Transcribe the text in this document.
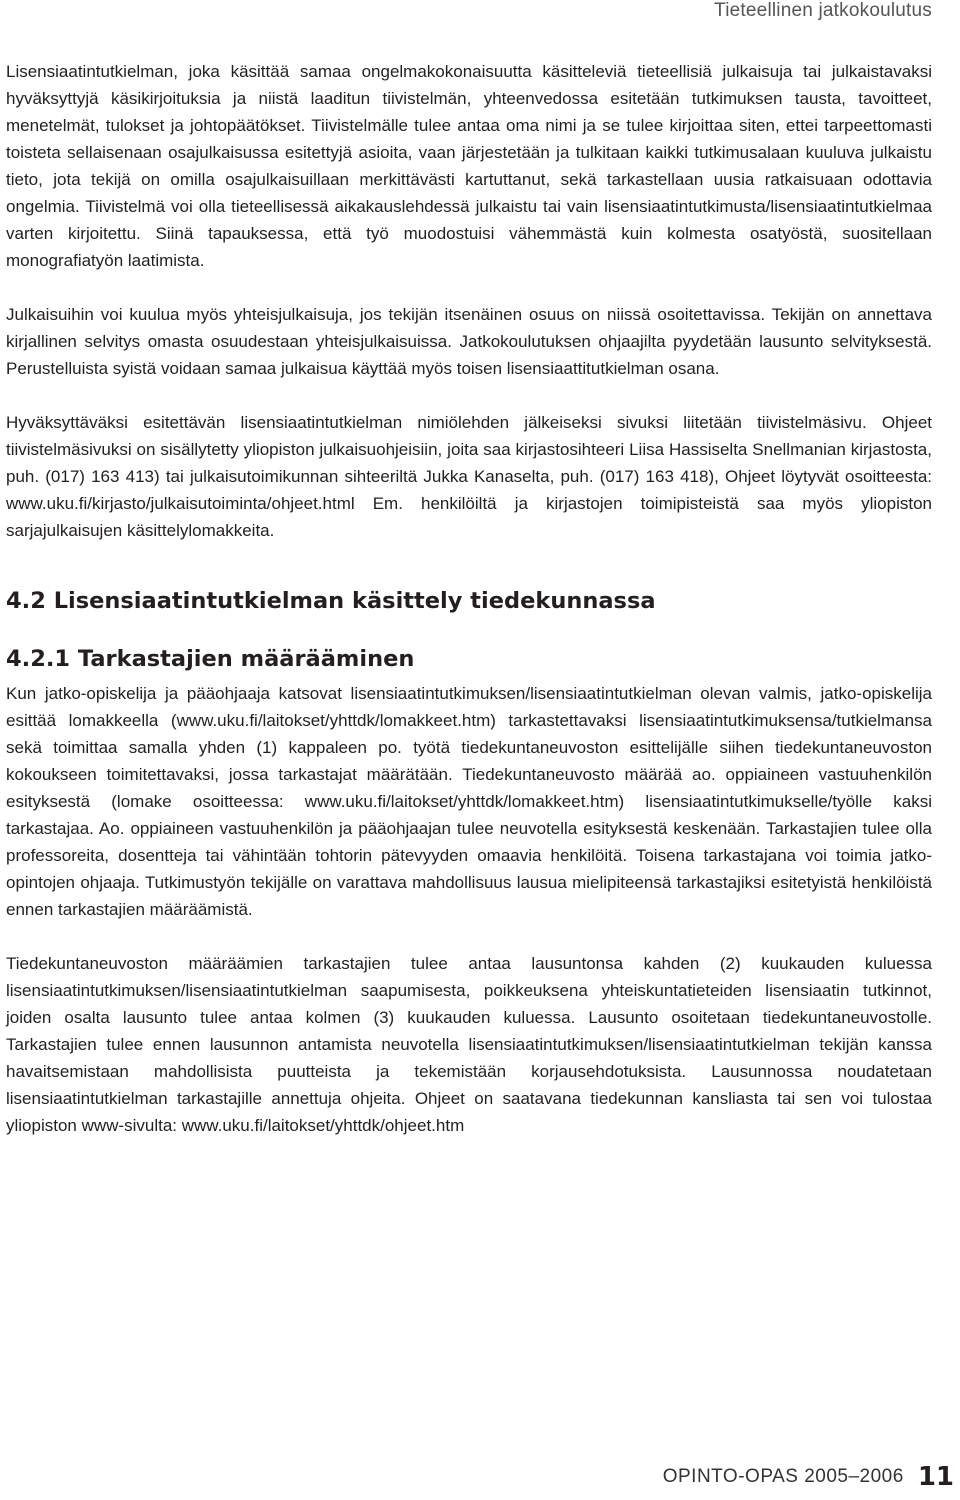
Tieteellinen jatkokoulutus

Lisensiaatintutkielman, joka käsittää samaa ongelmakokonaisuutta käsitteleviä tieteellisiä julkaisuja tai julkaistavaksi hyväksyttyjä käsikirjoituksia ja niistä laaditun tiivistelmän, yhteenvedossa esitetään tutkimuksen tausta, tavoitteet, menetelmät, tulokset ja johtopäätökset. Tiivistelmälle tulee antaa oma nimi ja se tulee kirjoittaa siten, ettei tarpeettomasti toisteta sellaisenaan osajulkaisussa esitettyjä asioita, vaan järjestetään ja tulkitaan kaikki tutkimusalaan kuuluva julkaistu tieto, jota tekijä on omilla osajulkaisuillaan merkittävästi kartuttanut, sekä tarkastellaan uusia ratkaisuaan odottavia ongelmia. Tiivistelmä voi olla tieteellisessä aikakauslehdessä julkaistu tai vain lisensiaatintutkimusta/lisensiaatintutkielmaa varten kirjoitettu. Siinä tapauksessa, että työ muodostuisi vähemmästä kuin kolmesta osatyöstä, suositellaan monografiatyön laatimista.

Julkaisuihin voi kuulua myös yhteisjulkaisuja, jos tekijän itsenäinen osuus on niissä osoitettavissa. Tekijän on annettava kirjallinen selvitys omasta osuudestaan yhteisjulkaisuissa. Jatkokoulutuksen ohjaajilta pyydetään lausunto selvityksestä. Perustelluista syistä voidaan samaa julkaisua käyttää myös toisen lisensiaattitutkielman osana.

Hyväksyttäväksi esitettävän lisensiaatintutkielman nimiölehden jälkeiseksi sivuksi liitetään tiivistelmäsivu. Ohjeet tiivistelmäsivuksi on sisällytetty yliopiston julkaisuohjeisiin, joita saa kirjastosihteeri Liisa Hassiselta Snellmanian kirjastosta, puh. (017) 163 413) tai julkaisutoimikunnan sihteeriltä Jukka Kanaselta, puh. (017) 163 418), Ohjeet löytyvät osoitteesta: www.uku.fi/kirjasto/julkaisutoiminta/ohjeet.html Em. henkilöiltä ja kirjastojen toimipisteistä saa myös yliopiston sarjajulkaisujen käsittelylomakkeita.

4.2 Lisensiaatintutkielman käsittely tiedekunnassa
4.2.1 Tarkastajien määrääminen

Kun jatko-opiskelija ja pääohjaaja katsovat lisensiaatintutkimuksen/lisensiaatintutkielman olevan valmis, jatko-opiskelija esittää lomakkeella (www.uku.fi/laitokset/yhttdk/lomakkeet.htm) tarkastettavaksi lisensiaatintutkimuksensa/tutkielmansa sekä toimittaa samalla yhden (1) kappaleen po. työtä tiedekuntaneuvoston esittelijälle siihen tiedekuntaneuvoston kokoukseen toimitettavaksi, jossa tarkastajat määrätään. Tiedekuntaneuvosto määrää ao. oppiaineen vastuuhenkilön esityksestä (lomake osoitteessa: www.uku.fi/laitokset/yhttdk/lomakkeet.htm) lisensiaatintutkimukselle/työlle kaksi tarkastajaa. Ao. oppiaineen vastuuhenkilön ja pääohjaajan tulee neuvotella esityksestä keskenään. Tarkastajien tulee olla professoreita, dosentteja tai vähintään tohtorin pätevyyden omaavia henkilöitä. Toisena tarkastajana voi toimia jatko-opintojen ohjaaja. Tutkimustyön tekijälle on varattava mahdollisuus lausua mielipiteensä tarkastajiksi esitetyistä henkilöistä ennen tarkastajien määräämistä.

Tiedekuntaneuvoston määräämien tarkastajien tulee antaa lausuntonsa kahden (2) kuukauden kuluessa lisensiaatintutkimuksen/lisensiaatintutkielman saapumisesta, poikkeuksena yhteiskuntatieteiden lisensiaatin tutkinnot, joiden osalta lausunto tulee antaa kolmen (3) kuukauden kuluessa. Lausunto osoitetaan tiedekuntaneuvostolle. Tarkastajien tulee ennen lausunnon antamista neuvotella lisensiaatintutkimuksen/lisensiaatintutkielman tekijän kanssa havaitsemistaan mahdollisista puutteista ja tekemistään korjausehdotuksista. Lausunnossa noudatetaan lisensiaatintutkielman tarkastajille annettuja ohjeita. Ohjeet on saatavana tiedekunnan kansliasta tai sen voi tulostaa yliopiston www-sivulta: www.uku.fi/laitokset/yhttdk/ohjeet.htm

OPINTO-OPAS 2005–2006 11
